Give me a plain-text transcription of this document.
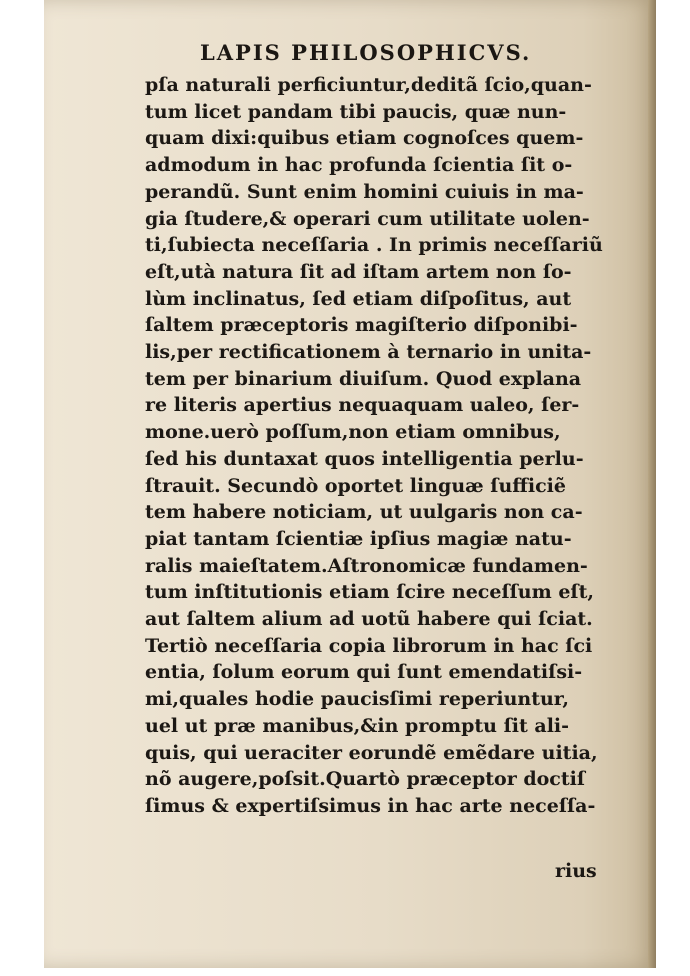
LAPIS PHILOSOPHICVS.
pſa naturali perficiuntur,deditã ſcio,quan-
tum licet pandam tibi paucis, quæ nun-
quam dixi:quibus etiam cognoſces quem-
admodum in hac profunda ſcientia ſit o-
perandũ. Sunt enim homini cuiuis in ma-
gia ſtudere,& operari cum utilitate uolen-
ti,ſubiecta neceſſaria . In primis neceſſariũ
eſt,utà natura ſit ad iſtam artem non ſo-
lùm inclinatus, ſed etiam diſpoſitus, aut
ſaltem præceptoris magiſterio diſponibi-
lis,per rectificationem à ternario in unita-
tem per binarium diuiſum. Quod explana
re literis apertius nequaquam ualeo, ſer-
mone.uerò poſſum,non etiam omnibus,
ſed his duntaxat quos intelligentia perlu-
ſtrauit. Secundò oportet linguæ ſufficiẽ
tem habere noticiam, ut uulgaris non ca-
piat tantam ſcientiæ ipſius magiæ natu-
ralis maieſtatem.Aſtronomicæ fundamen-
tum inſtitutionis etiam ſcire neceſſum eſt,
aut ſaltem alium ad uotũ habere qui ſciat.
Tertiò neceſſaria copia librorum in hac ſci
entia, ſolum eorum qui ſunt emendatiſsi-
mi,quales hodie paucisſimi reperiuntur,
uel ut præ manibus,&in promptu ſit ali-
quis, qui ueraciter eorundẽ emẽdare uitia,
nõ augere,poſsit.Quartò præceptor doctiſ
ſimus & expertiſsimus in hac arte neceſſa-
rius
